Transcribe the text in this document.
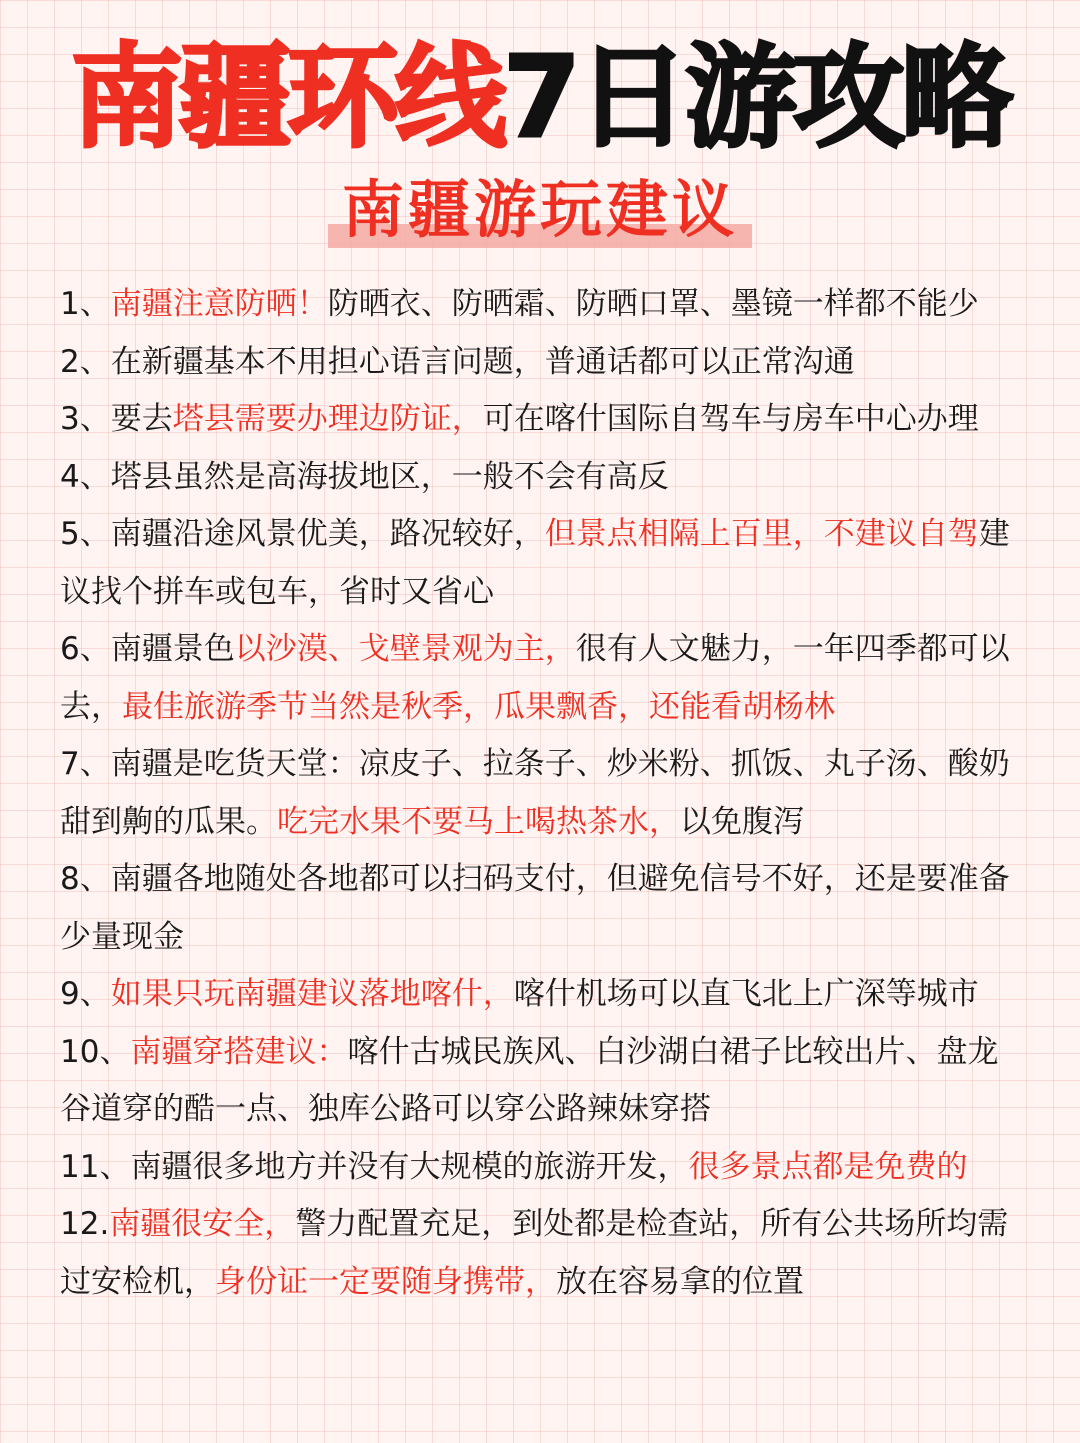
南疆环线7日游攻略
南疆游玩建议
1、南疆注意防晒！防晒衣、防晒霜、防晒口罩、墨镜一样都不能少
2、在新疆基本不用担心语言问题，普通话都可以正常沟通
3、要去塔县需要办理边防证，可在喀什国际自驾车与房车中心办理
4、塔县虽然是高海拔地区，一般不会有高反
5、南疆沿途风景优美，路况较好，但景点相隔上百里，不建议自驾建议找个拼车或包车，省时又省心
6、南疆景色以沙漠、戈壁景观为主，很有人文魅力，一年四季都可以去，最佳旅游季节当然是秋季，瓜果飘香，还能看胡杨林
7、南疆是吃货天堂：凉皮子、拉条子、炒米粉、抓饭、丸子汤、酸奶甜到齁的瓜果。吃完水果不要马上喝热茶水，以免腹泻
8、南疆各地随处各地都可以扫码支付，但避免信号不好，还是要准备少量现金
9、如果只玩南疆建议落地喀什，喀什机场可以直飞北上广深等城市
10、南疆穿搭建议：喀什古城民族风、白沙湖白裙子比较出片、盘龙谷道穿的酷一点、独库公路可以穿公路辣妹穿搭
11、南疆很多地方并没有大规模的旅游开发，很多景点都是免费的
12.南疆很安全，警力配置充足，到处都是检查站，所有公共场所均需过安检机，身份证一定要随身携带，放在容易拿的位置
